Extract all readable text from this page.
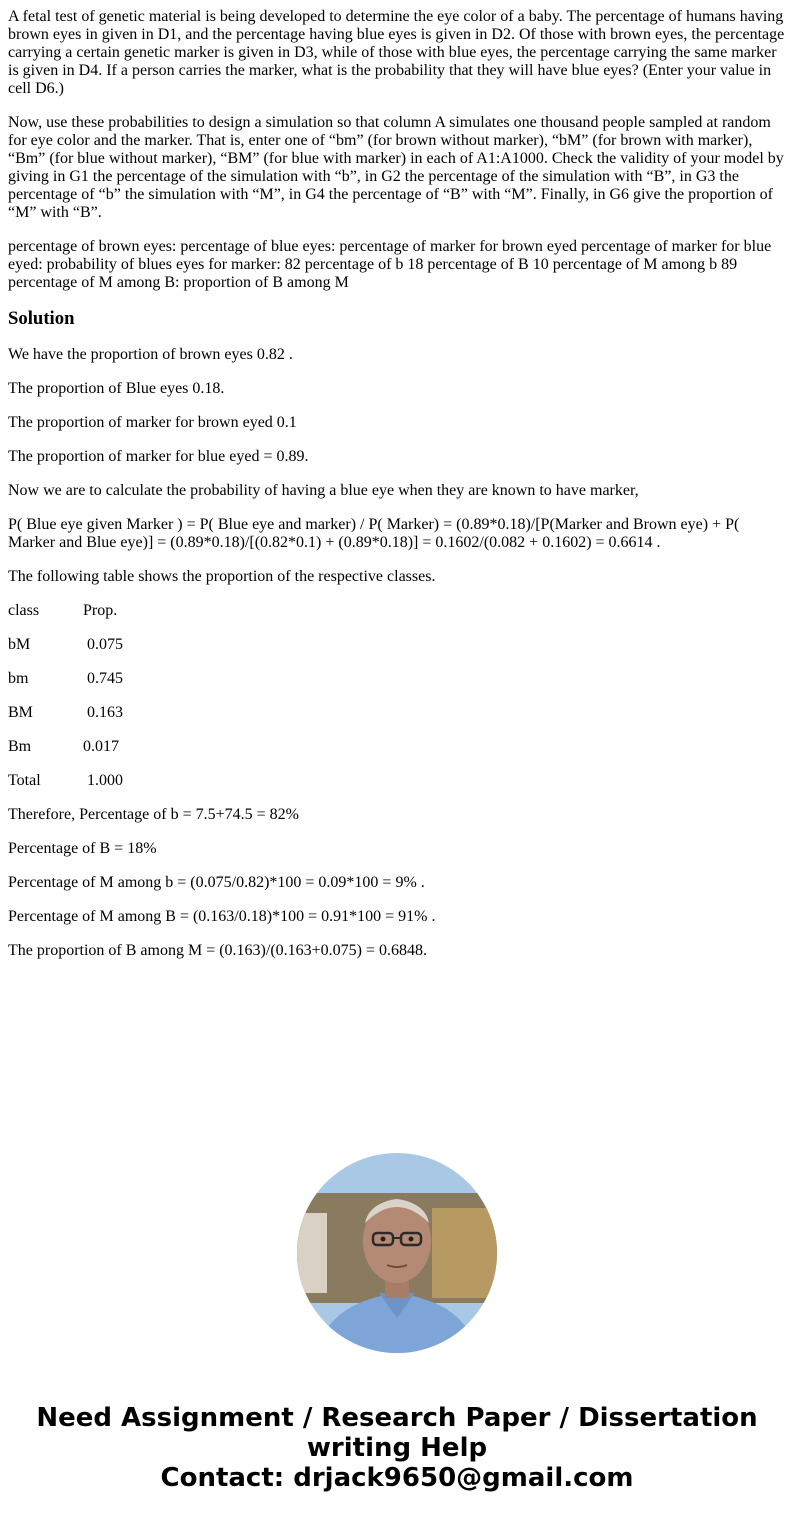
A fetal test of genetic material is being developed to determine the eye color of a baby. The percentage of humans having brown eyes in given in D1, and the percentage having blue eyes is given in D2. Of those with brown eyes, the percentage carrying a certain genetic marker is given in D3, while of those with blue eyes, the percentage carrying the same marker is given in D4. If a person carries the marker, what is the probability that they will have blue eyes? (Enter your value in cell D6.)

Now, use these probabilities to design a simulation so that column A simulates one thousand people sampled at random for eye color and the marker. That is, enter one of “bm” (for brown without marker), “bM” (for brown with marker), “Bm” (for blue without marker), “BM” (for blue with marker) in each of A1:A1000. Check the validity of your model by giving in G1 the percentage of the simulation with “b”, in G2 the percentage of the simulation with “B”, in G3 the percentage of “b” the simulation with “M”, in G4 the percentage of “B” with “M”. Finally, in G6 give the proportion of “M” with “B”.

percentage of brown eyes: percentage of blue eyes: percentage of marker for brown eyed percentage of marker for blue eyed: probability of blues eyes for marker: 82 percentage of b 18 percentage of B 10 percentage of M among b 89 percentage of M among B: proportion of B among M

Solution

We have the proportion of brown eyes 0.82 .

The proportion of Blue eyes 0.18.

The proportion of marker for brown eyed 0.1

The proportion of marker for blue eyed = 0.89.

Now we are to calculate the probability of having a blue eye when they are known to have marker,

P( Blue eye given Marker ) = P( Blue eye and marker) / P( Marker) = (0.89*0.18)/[P(Marker and Brown eye) + P( Marker and Blue eye)] = (0.89*0.18)/[(0.82*0.1) + (0.89*0.18)] = 0.1602/(0.082 + 0.1602) = 0.6614 .

The following table shows the proportion of the respective classes.

class	Prop.
bM	0.075
bm	0.745
BM	0.163
Bm	0.017
Total	1.000

Therefore, Percentage of b = 7.5+74.5 = 82%

Percentage of B = 18%

Percentage of M among b = (0.075/0.82)*100 = 0.09*100 = 9% .

Percentage of M among B = (0.163/0.18)*100 = 0.91*100 = 91% .

The proportion of B among M = (0.163)/(0.163+0.075) = 0.6848.

Need Assignment / Research Paper / Dissertation
writing Help
Contact: drjack9650@gmail.com
